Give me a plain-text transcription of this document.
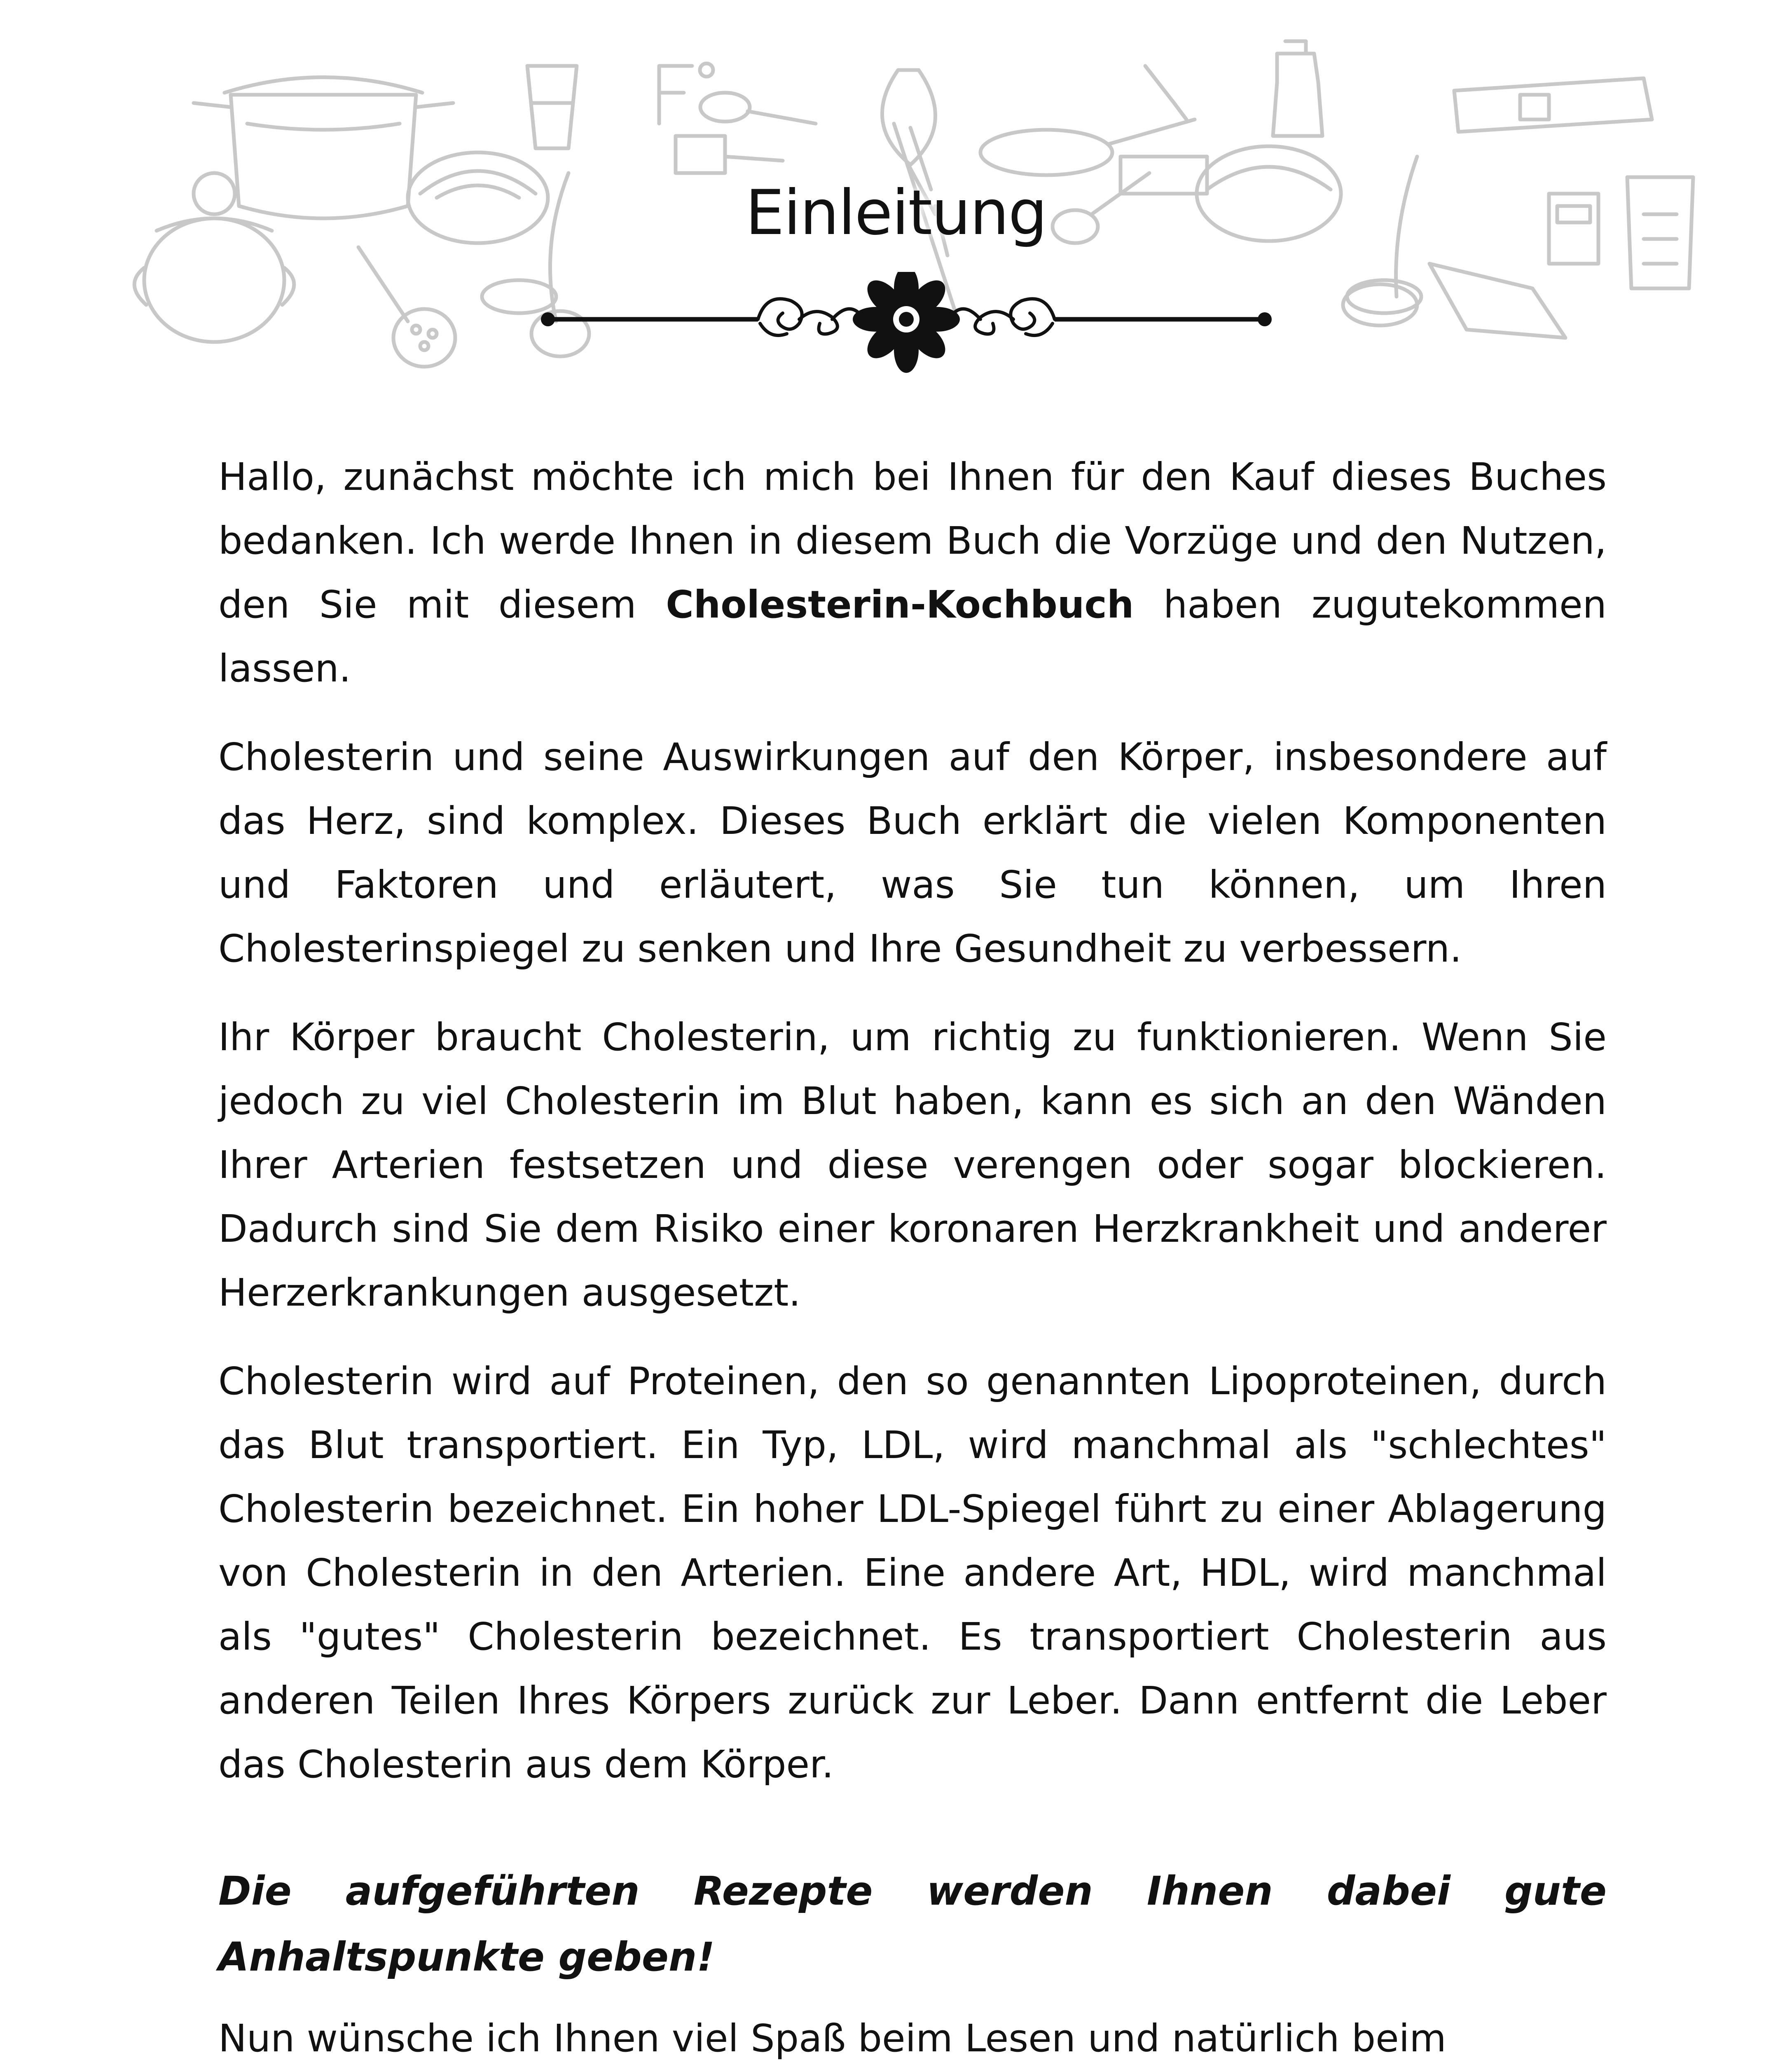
Einleitung

Hallo, zunächst möchte ich mich bei Ihnen für den Kauf dieses Buches bedanken. Ich werde Ihnen in diesem Buch die Vorzüge und den Nutzen, den Sie mit diesem Cholesterin-Kochbuch haben zugutekommen lassen.

Cholesterin und seine Auswirkungen auf den Körper, insbesondere auf das Herz, sind komplex. Dieses Buch erklärt die vielen Komponenten und Faktoren und erläutert, was Sie tun können, um Ihren Cholesterinspiegel zu senken und Ihre Gesundheit zu verbessern.

Ihr Körper braucht Cholesterin, um richtig zu funktionieren. Wenn Sie jedoch zu viel Cholesterin im Blut haben, kann es sich an den Wänden Ihrer Arterien festsetzen und diese verengen oder sogar blockieren. Dadurch sind Sie dem Risiko einer koronaren Herzkrankheit und anderer Herzerkrankungen ausgesetzt.

Cholesterin wird auf Proteinen, den so genannten Lipoproteinen, durch das Blut transportiert. Ein Typ, LDL, wird manchmal als "schlechtes" Cholesterin bezeichnet. Ein hoher LDL-Spiegel führt zu einer Ablagerung von Cholesterin in den Arterien. Eine andere Art, HDL, wird manchmal als "gutes" Cholesterin bezeichnet. Es transportiert Cholesterin aus anderen Teilen Ihres Körpers zurück zur Leber. Dann entfernt die Leber das Cholesterin aus dem Körper.

Die aufgeführten Rezepte werden Ihnen dabei gute Anhaltspunkte geben!

Nun wünsche ich Ihnen viel Spaß beim Lesen und natürlich beim
